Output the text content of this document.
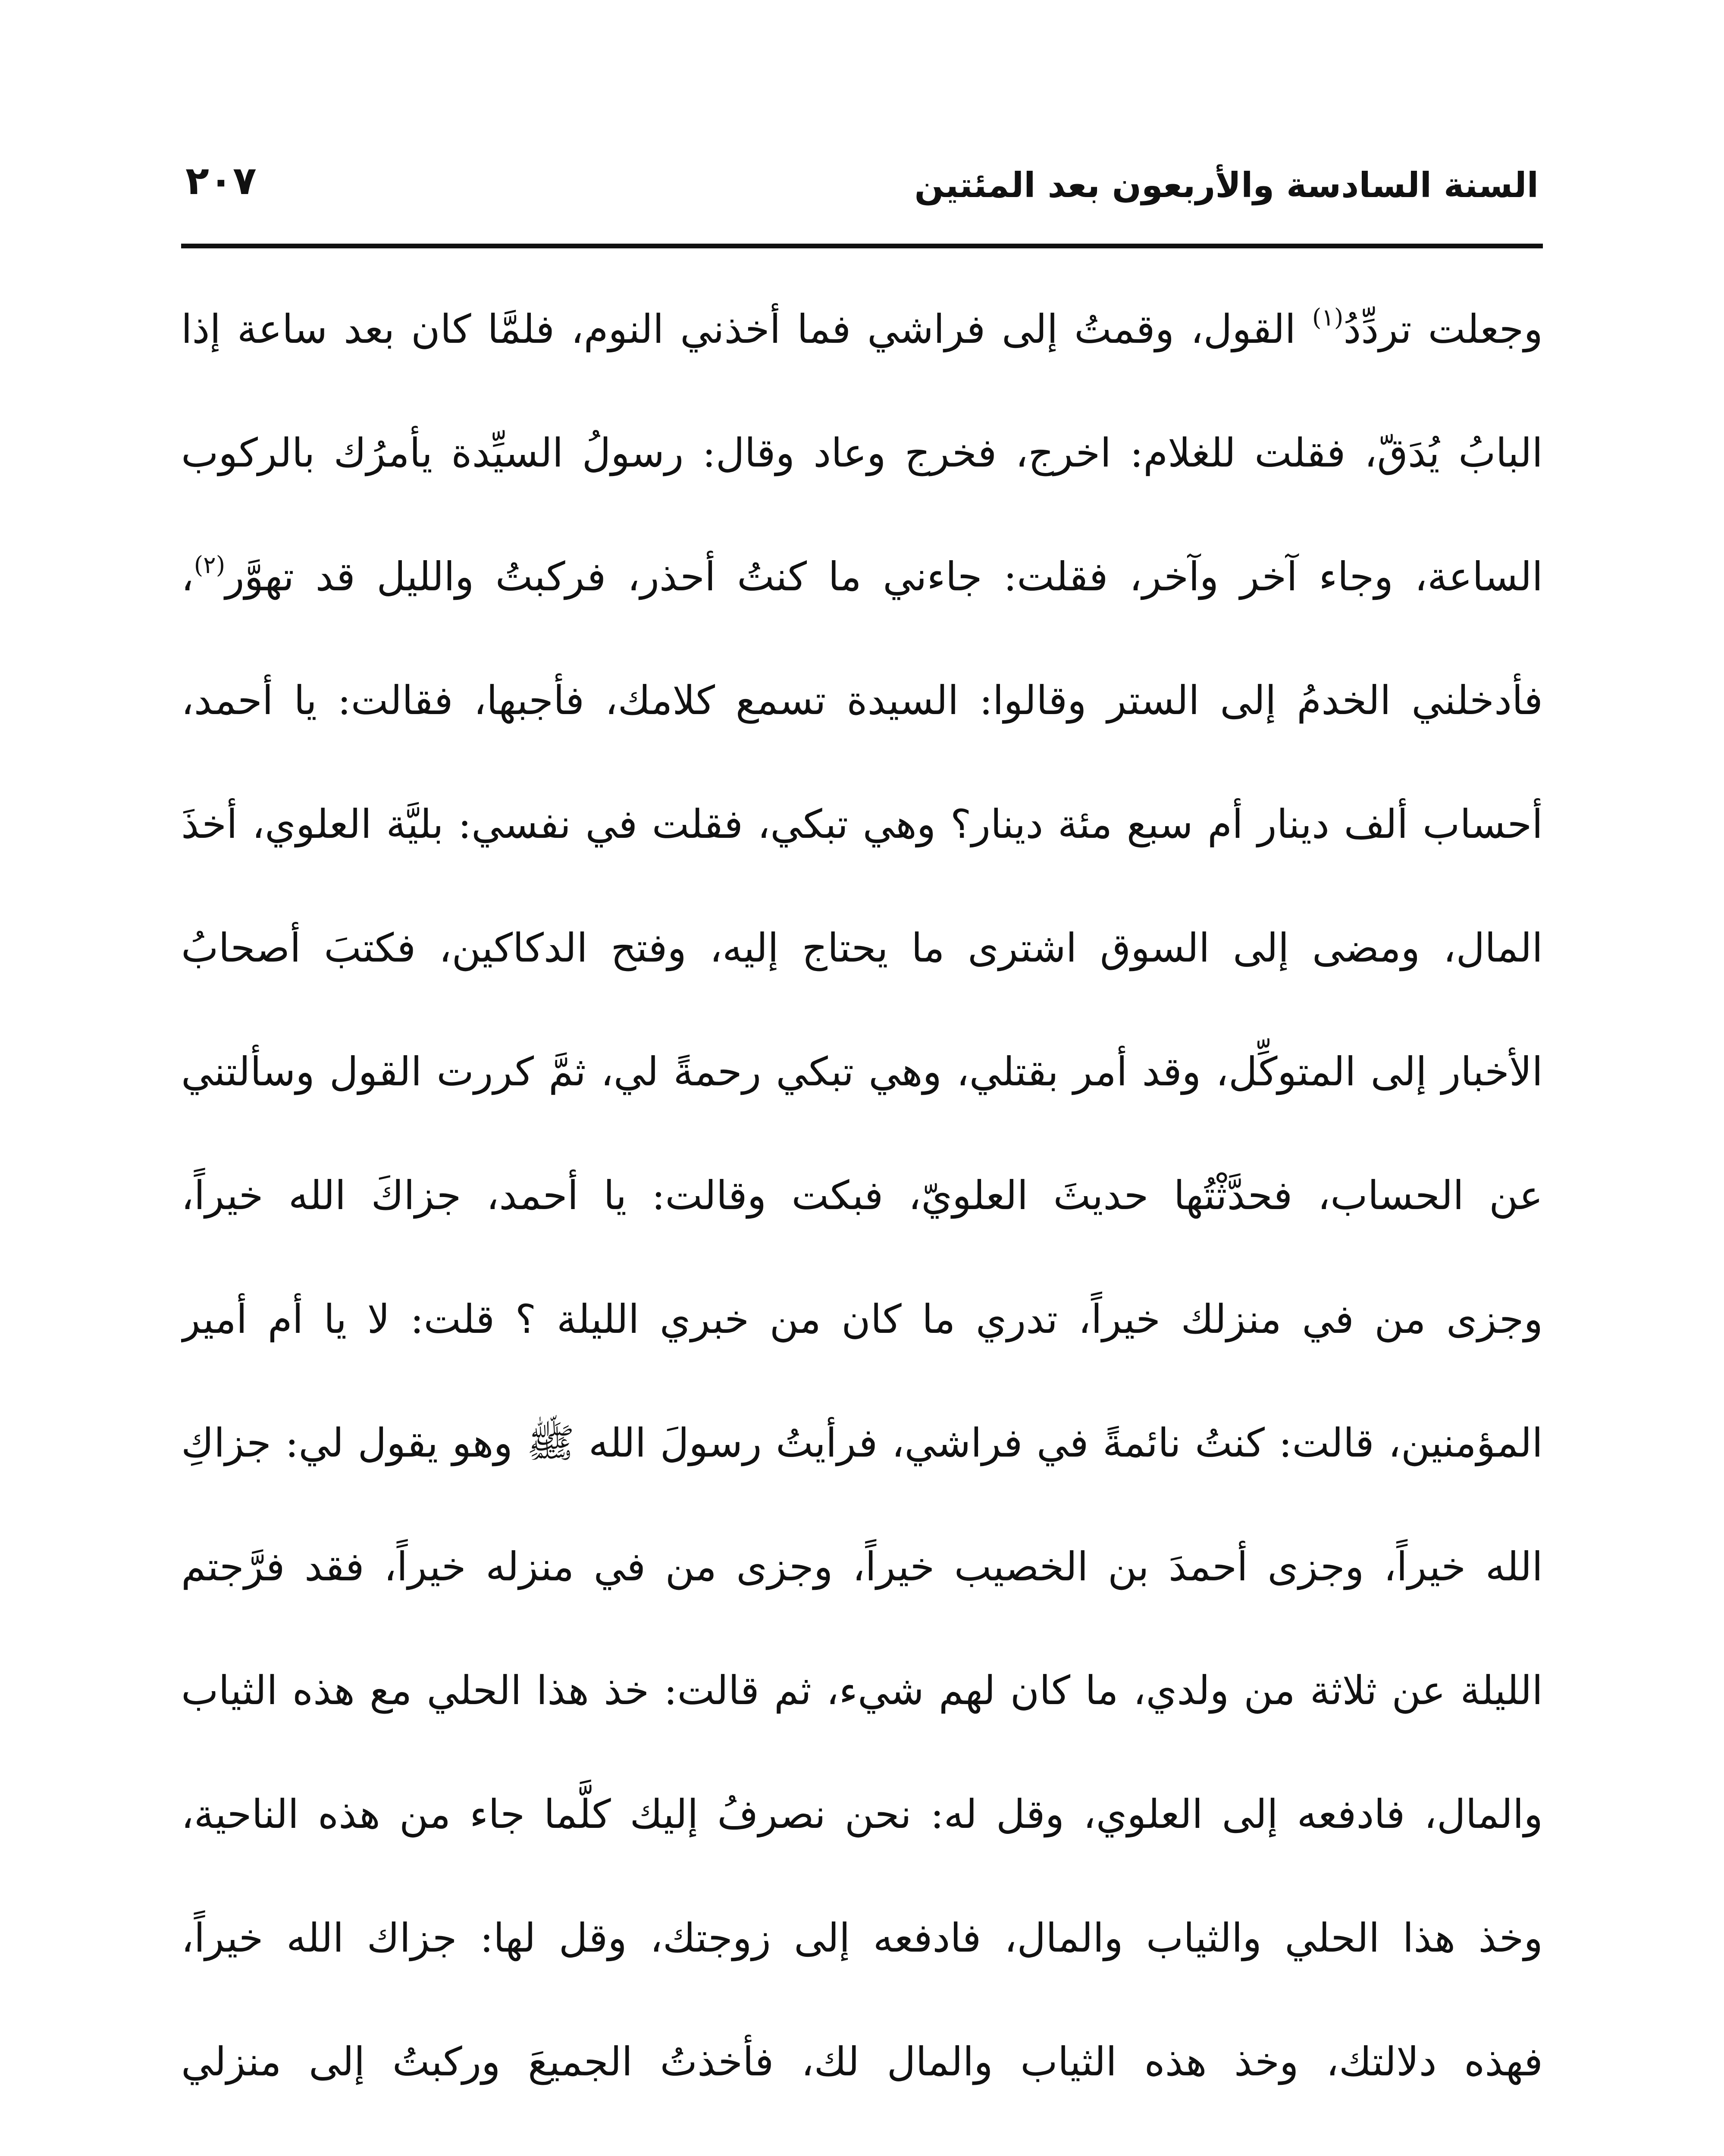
السنة السادسة والأربعون بعد المئتين
٢٠٧
وجعلت تردِّدُ$^{(١)}$ القول، وقمتُ إلى فراشي فما أخذني النوم، فلمَّا كان بعد ساعة إذا
البابُ يُدَقّ، فقلت للغلام: اخرج، فخرج وعاد وقال: رسولُ السيِّدة يأمرُك بالركوب
الساعة، وجاء آخر وآخر، فقلت: جاءني ما كنتُ أحذر، فركبتُ والليل قد تهوَّر$^{(٢)}$،
فأدخلني الخدمُ إلى الستر وقالوا: السيدة تسمع كلامك، فأجبها، فقالت: يا أحمد،
أحساب ألف دينار أم سبع مئة دينار؟ وهي تبكي، فقلت في نفسي: بليَّة العلوي، أخذَ
المال، ومضى إلى السوق اشترى ما يحتاج إليه، وفتح الدكاكين، فكتبَ أصحابُ
الأخبار إلى المتوكِّل، وقد أمر بقتلي، وهي تبكي رحمةً لي، ثمَّ كررت القول وسألتني
عن الحساب، فحدَّثْتُها حديثَ العلويّ، فبكت وقالت: يا أحمد، جزاكَ الله خيراً،
وجزى من في منزلك خيراً، تدري ما كان من خبري الليلة ؟ قلت: لا يا أم أمير
المؤمنين، قالت: كنتُ نائمةً في فراشي، فرأيتُ رسولَ الله ﷺ وهو يقول لي: جزاكِ
الله خيراً، وجزى أحمدَ بن الخصيب خيراً، وجزى من في منزله خيراً، فقد فرَّجتم
الليلة عن ثلاثة من ولدي، ما كان لهم شيء، ثم قالت: خذ هذا الحلي مع هذه الثياب
والمال، فادفعه إلى العلوي، وقل له: نحن نصرفُ إليك كلَّما جاء من هذه الناحية،
وخذ هذا الحلي والثياب والمال، فادفعه إلى زوجتك، وقل لها: جزاك الله خيراً،
فهذه دلالتك، وخذ هذه الثياب والمال لك، فأخذتُ الجميعَ وركبتُ إلى منزلي
